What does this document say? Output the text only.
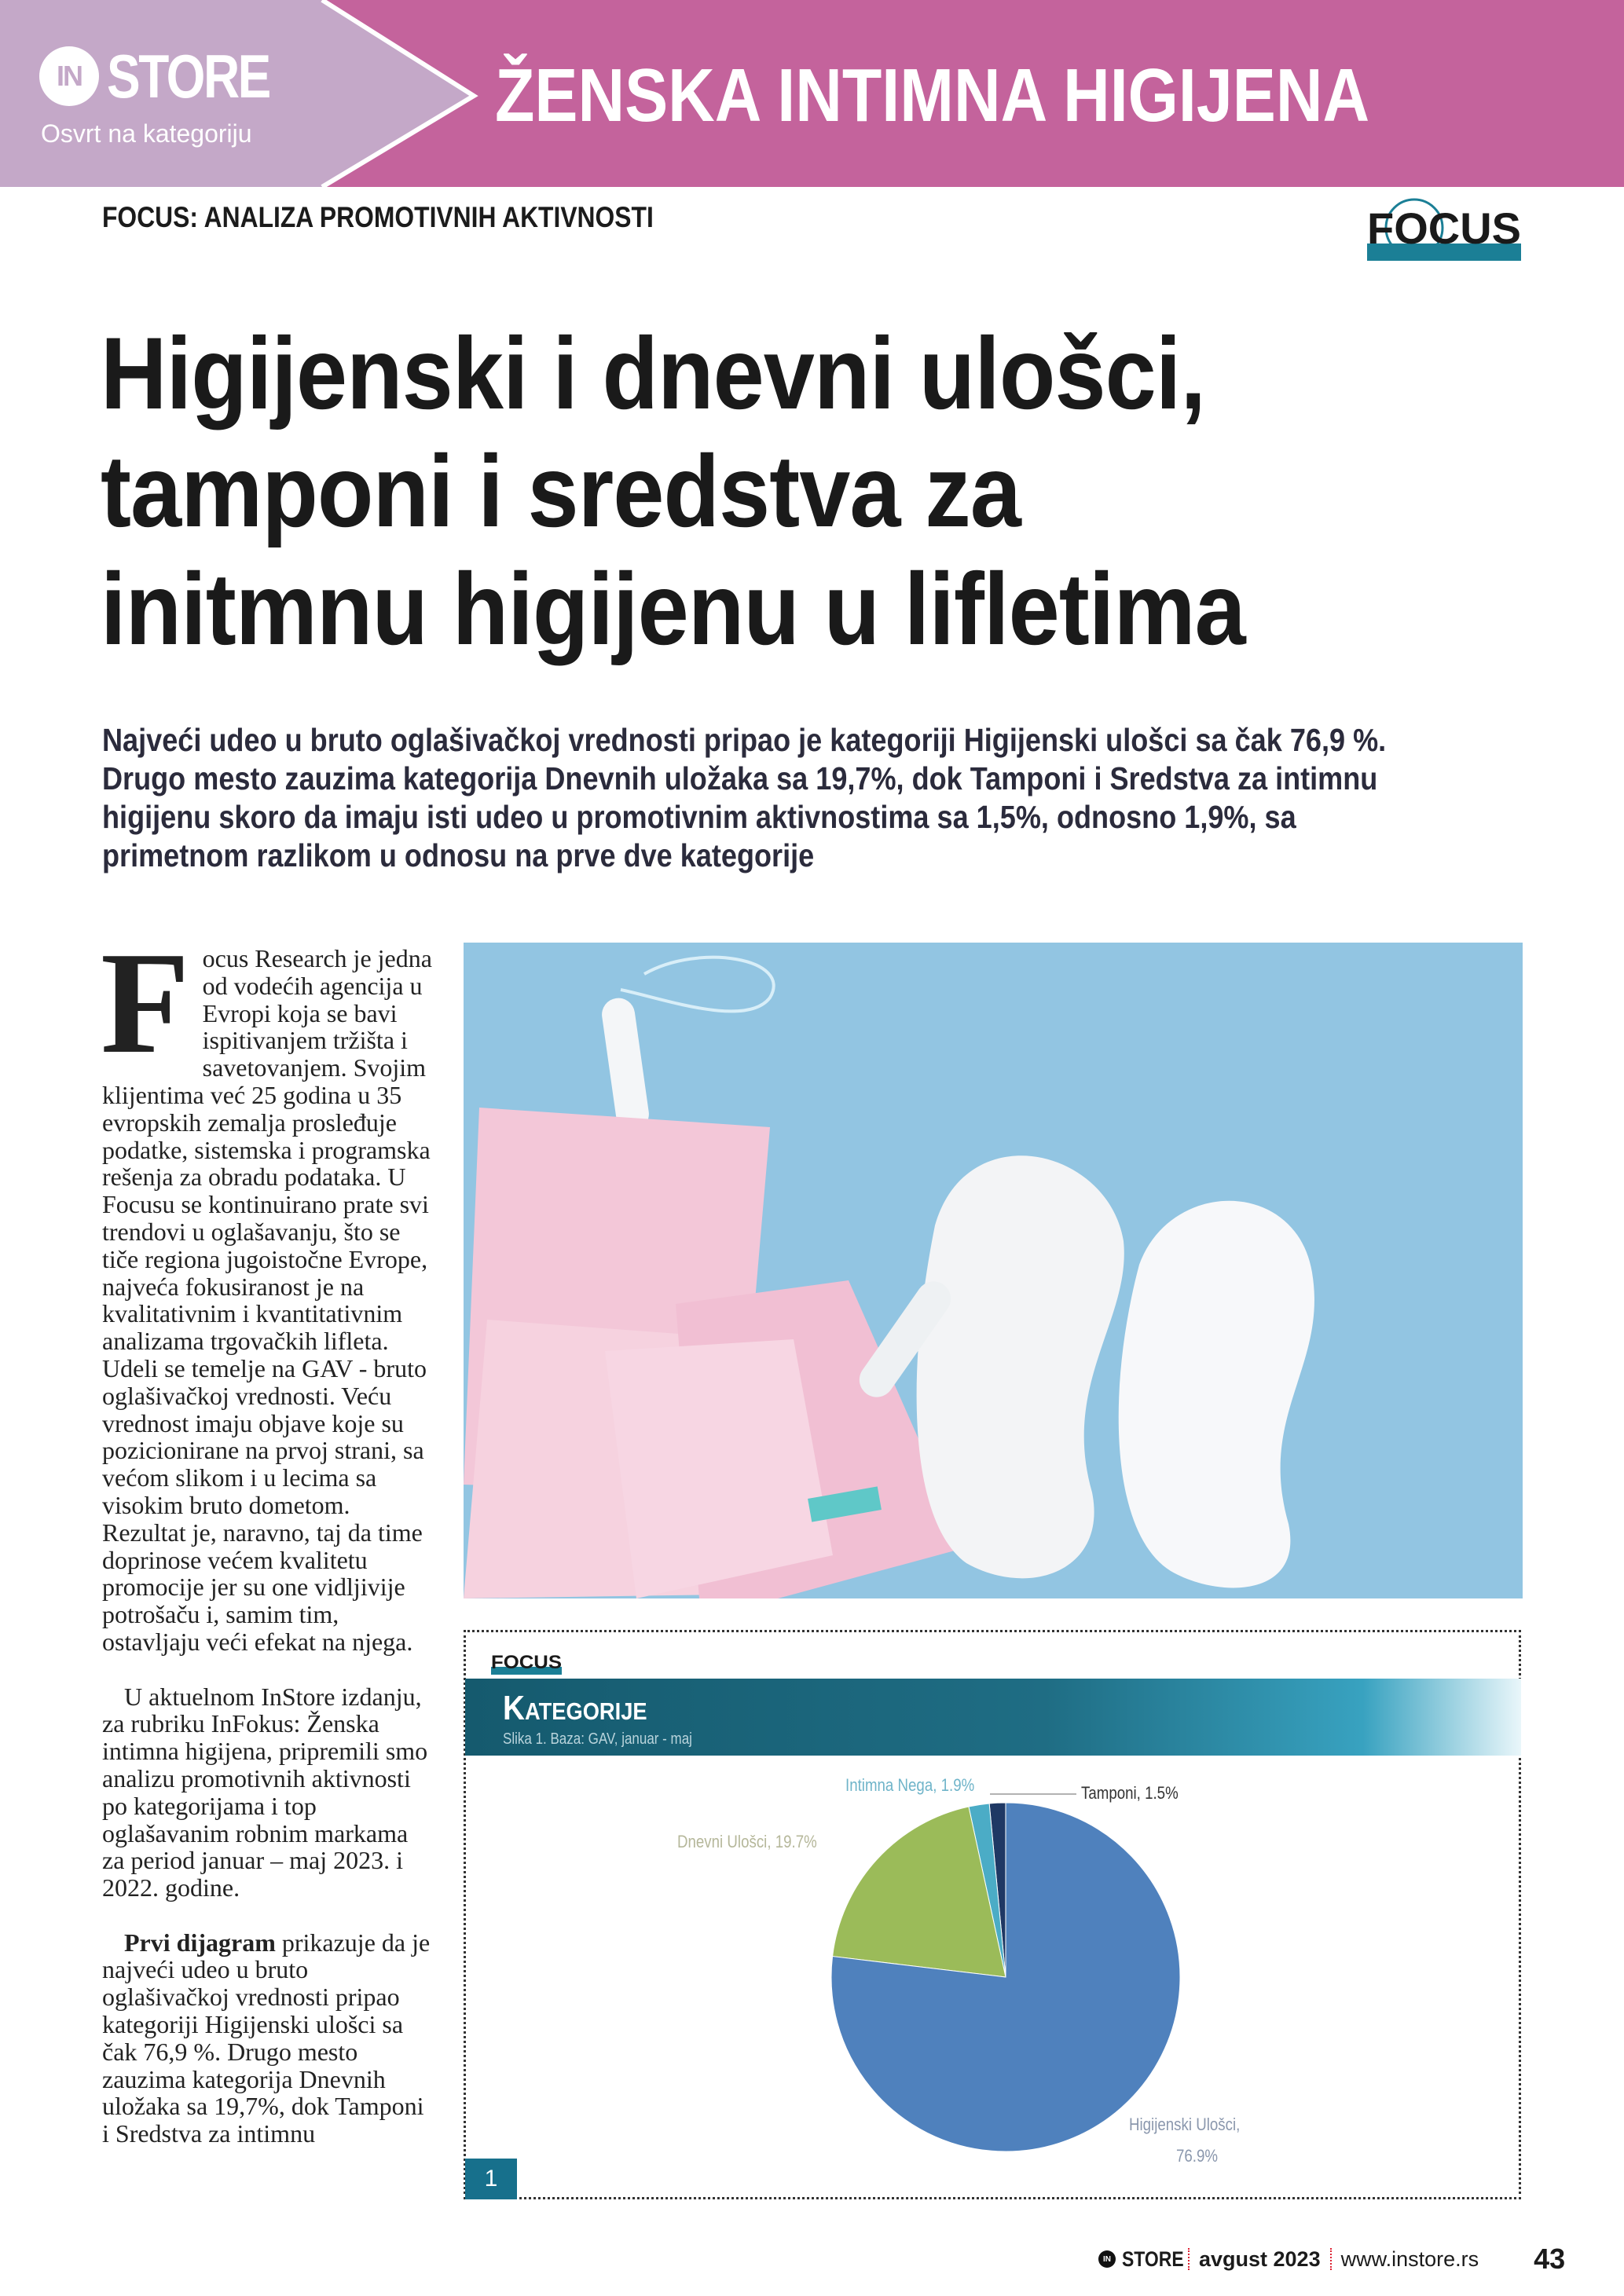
IN STORE
Osvrt na kategoriju	ŽENSKA INTIMNA HIGIJENA
FOCUS: ANALIZA PROMOTIVNIH AKTIVNOSTI	FOCUS
Higijenski i dnevni ulošci,
tamponi i sredstva za
initmnu higijenu u lifletima
Najveći udeo u bruto oglašivačkoj vrednosti pripao je kategoriji Higijenski ulošci sa čak 76,9 %.
Drugo mesto zauzima kategorija Dnevnih uložaka sa 19,7%, dok Tamponi i Sredstva za intimnu
higijenu skoro da imaju isti udeo u promotivnim aktivnostima sa 1,5%, odnosno 1,9%, sa
primetnom razlikom u odnosu na prve dve kategorije

Focus Research je jedna od vodećih agencija u Evropi koja se bavi ispitivanjem tržišta i savetovanjem. Svojim klijentima već 25 godina u 35 evropskih zemalja prosleđuje podatke, sistemska i programska rešenja za obradu podataka. U Focusu se kontinuirano prate svi trendovi u oglašavanju, što se tiče regiona jugoistočne Evrope, najveća fokusiranost je na kvalitativnim i kvantitativnim analizama trgovačkih lifleta. Udeli se temelje na GAV - bruto oglašivačkoj vrednosti. Veću vrednost imaju objave koje su pozicionirane na prvoj strani, sa većom slikom i u lecima sa visokim bruto dometom. Rezultat je, naravno, taj da time doprinose većem kvalitetu promocije jer su one vidljivije potrošaču i, samim tim, ostavljaju veći efekat na njega.

U aktuelnom InStore izdanju, za rubriku InFokus: Ženska intimna higijena, pripremili smo analizu promotivnih aktivnosti po kategorijama i top oglašavanim robnim markama za period januar – maj 2023. i 2022. godine.

Prvi dijagram prikazuje da je najveći udeo u bruto oglašivačkoj vrednosti pripao kategoriji Higijenski ulošci sa čak 76,9 %. Drugo mesto zauzima kategorija Dnevnih uložaka sa 19,7%, dok Tamponi i Sredstva za intimnu

FOCUS
Kategorije
Slika 1. Baza: GAV, januar - maj
Intimna Nega, 1.9%	Tamponi, 1.5%
Dnevni Ulošci, 19.7%
Higijenski Ulošci,
76.9%
1
IN STORE avgust 2023 www.instore.rs 43
